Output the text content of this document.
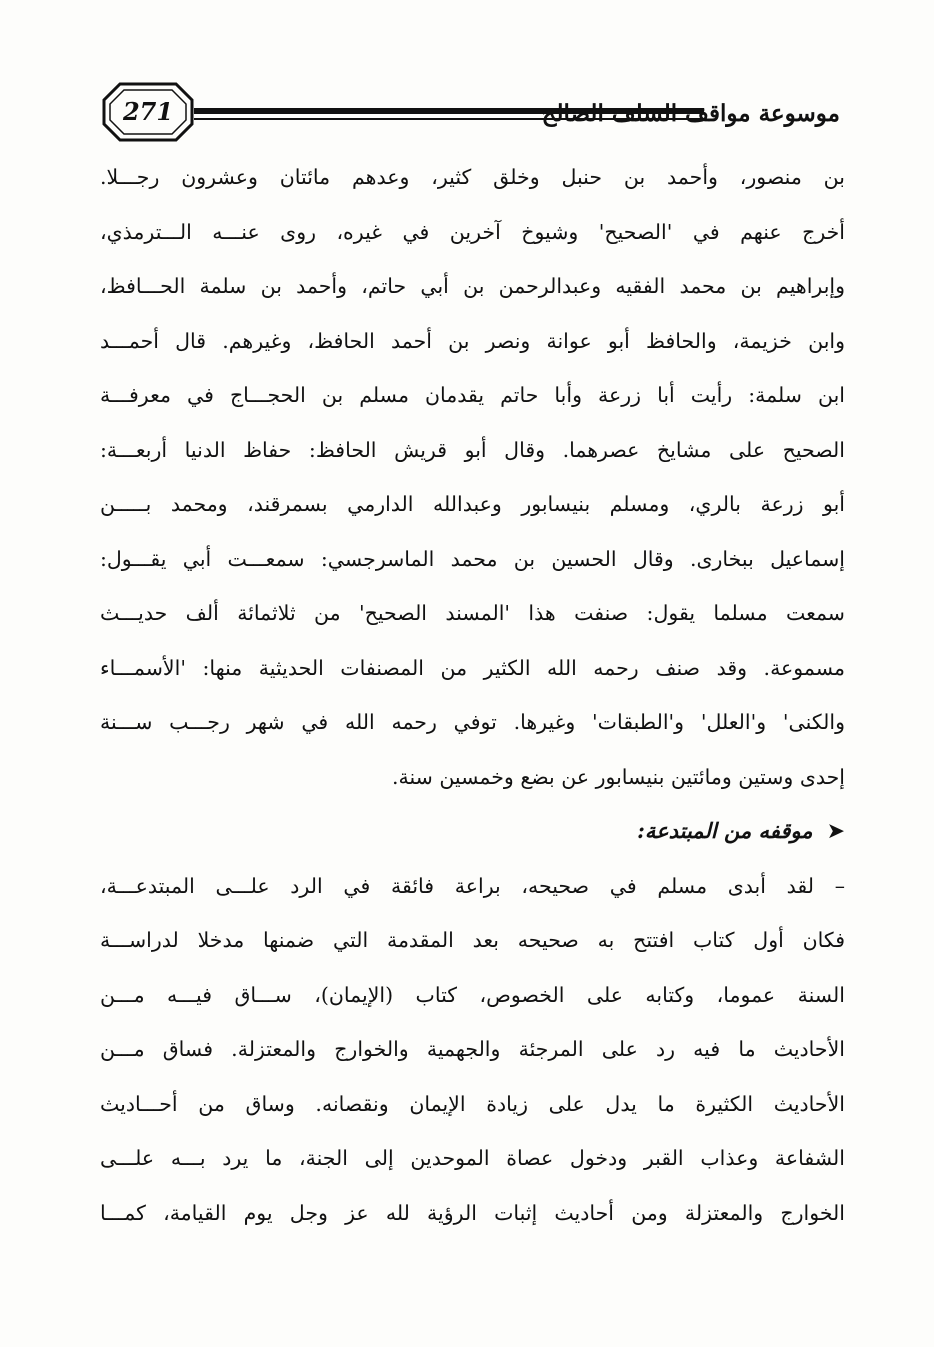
271	موسوعة مواقف السلف الصالح
بن منصور، وأحمد بن حنبل وخلق كثير، وعدهم مائتان وعشرون رجـــلا.
أخرج عنهم في 'الصحيح' وشيوخ آخرين في غيره، روى عنـــه الـــترمذي،
وإبراهيم بن محمد الفقيه وعبدالرحمن بن أبي حاتم، وأحمد بن سلمة الحـــافظ،
وابن خزيمة، والحافظ أبو عوانة ونصر بن أحمد الحافظ، وغيرهم. قال أحمـــد
ابن سلمة: رأيت أبا زرعة وأبا حاتم يقدمان مسلم بن الحجـــاج في معرفـــة
الصحيح على مشايخ عصرهما. وقال أبو قريش الحافظ: حفاظ الدنيا أربعـــة:
أبو زرعة بالري، ومسلم بنيسابور وعبدالله الدارمي بسمرقند، ومحمد بـــــن
إسماعيل ببخارى. وقال الحسين بن محمد الماسرجسي: سمعـــت أبي يقـــول:
سمعت مسلما يقول: صنفت هذا 'المسند الصحيح' من ثلاثمائة ألف حديـــث
مسموعة. وقد صنف رحمه الله الكثير من المصنفات الحديثية منها: 'الأسمـــاء
والكنى' و'العلل' و'الطبقات' وغيرها. توفي رحمه الله في شهر رجـــب ســـنة
إحدى وستين ومائتين بنيسابور عن بضع وخمسين سنة.
➤موقفه من المبتدعة:
– لقد أبدى مسلم في صحيحه، براعة فائقة في الرد علـــى المبتدعـــة،
فكان أول كتاب افتتح به صحيحه بعد المقدمة التي ضمنها مدخلا لدراســـة
السنة عموما، وكتابه على الخصوص، كتاب (الإيمان)، ســـاق فيـــه مـــن
الأحاديث ما فيه رد على المرجئة والجهمية والخوارج والمعتزلة. فساق مـــن
الأحاديث الكثيرة ما يدل على زيادة الإيمان ونقصانه. وساق من أحـــاديث
الشفاعة وعذاب القبر ودخول عصاة الموحدين إلى الجنة، ما يرد بـــه علـــى
الخوارج والمعتزلة ومن أحاديث إثبات الرؤية لله عز وجل يوم القيامة، كمـــا
